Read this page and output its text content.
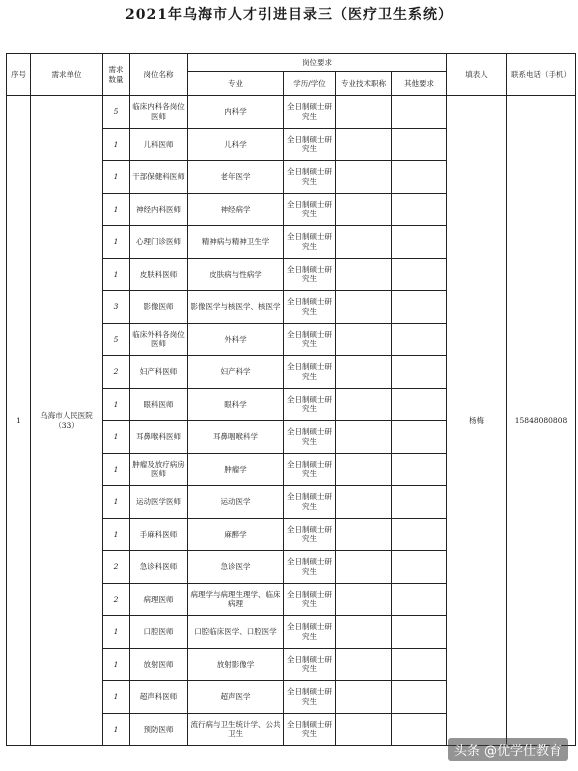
2021年乌海市人才引进目录三（医疗卫生系统）
序号	需求单位	需求数量	岗位名称	岗位要求				填表人	联系电话（手机）
				专业	学历/学位	专业技术职称	其他要求		
1	乌海市人民医院（33）	5	临床内科各岗位医师	内科学	全日制硕士研究生			杨梅	15848080808
		1	儿科医师	儿科学	全日制硕士研究生				
		1	干部保健科医师	老年医学	全日制硕士研究生				
		1	神经内科医师	神经病学	全日制硕士研究生				
		1	心理门诊医师	精神病与精神卫生学	全日制硕士研究生				
		1	皮肤科医师	皮肤病与性病学	全日制硕士研究生				
		3	影像医师	影像医学与核医学、核医学	全日制硕士研究生				
		5	临床外科各岗位医师	外科学	全日制硕士研究生				
		2	妇产科医师	妇产科学	全日制硕士研究生				
		1	眼科医师	眼科学	全日制硕士研究生				
		1	耳鼻喉科医师	耳鼻咽喉科学	全日制硕士研究生				
		1	肿瘤及放疗病房医师	肿瘤学	全日制硕士研究生				
		1	运动医学医师	运动医学	全日制硕士研究生				
		1	手麻科医师	麻醉学	全日制硕士研究生				
		2	急诊科医师	急诊医学	全日制硕士研究生				
		2	病理医师	病理学与病理生理学、临床病理	全日制硕士研究生				
		1	口腔医师	口腔临床医学、口腔医学	全日制硕士研究生				
		1	放射医师	放射影像学	全日制硕士研究生				
		1	超声科医师	超声医学	全日制硕士研究生				
		1	预防医师	流行病与卫生统计学、公共卫生	全日制硕士研究生				
头条 @优学仕教育
